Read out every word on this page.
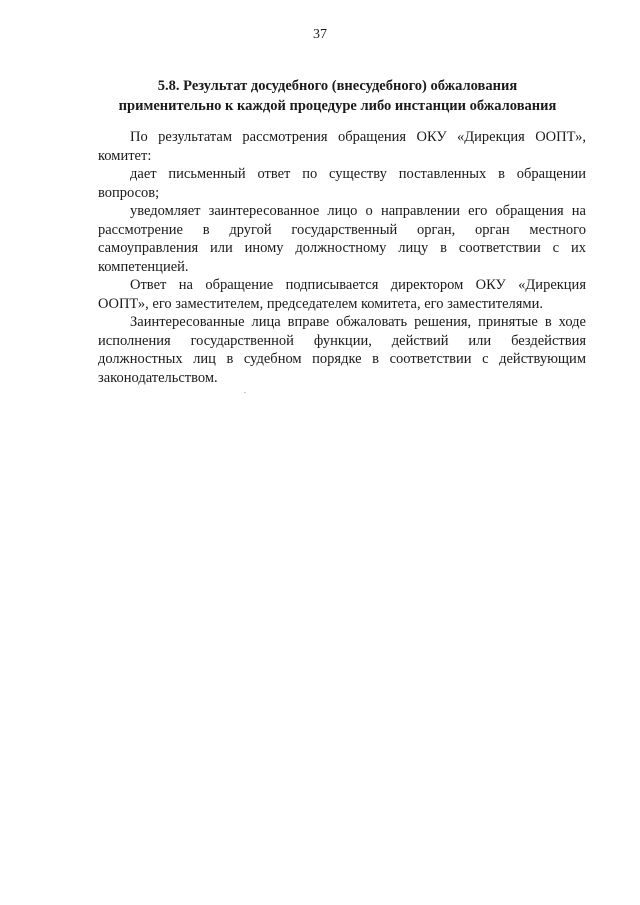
37
5.8. Результат досудебного (внесудебного) обжалования
применительно к каждой процедуре либо инстанции обжалования

По результатам рассмотрения обращения ОКУ «Дирекция ООПТ», комитет:

дает письменный ответ по существу поставленных в обращении вопросов;

уведомляет заинтересованное лицо о направлении его обращения на рассмотрение в другой государственный орган, орган местного самоуправления или иному должностному лицу в соответствии с их компетенцией.

Ответ на обращение подписывается директором ОКУ «Дирекция ООПТ», его заместителем, председателем комитета, его заместителями.

Заинтересованные лица вправе обжаловать решения, принятые в ходе исполнения государственной функции, действий или бездействия должностных лиц в судебном порядке в соответствии с действующим законодательством.
